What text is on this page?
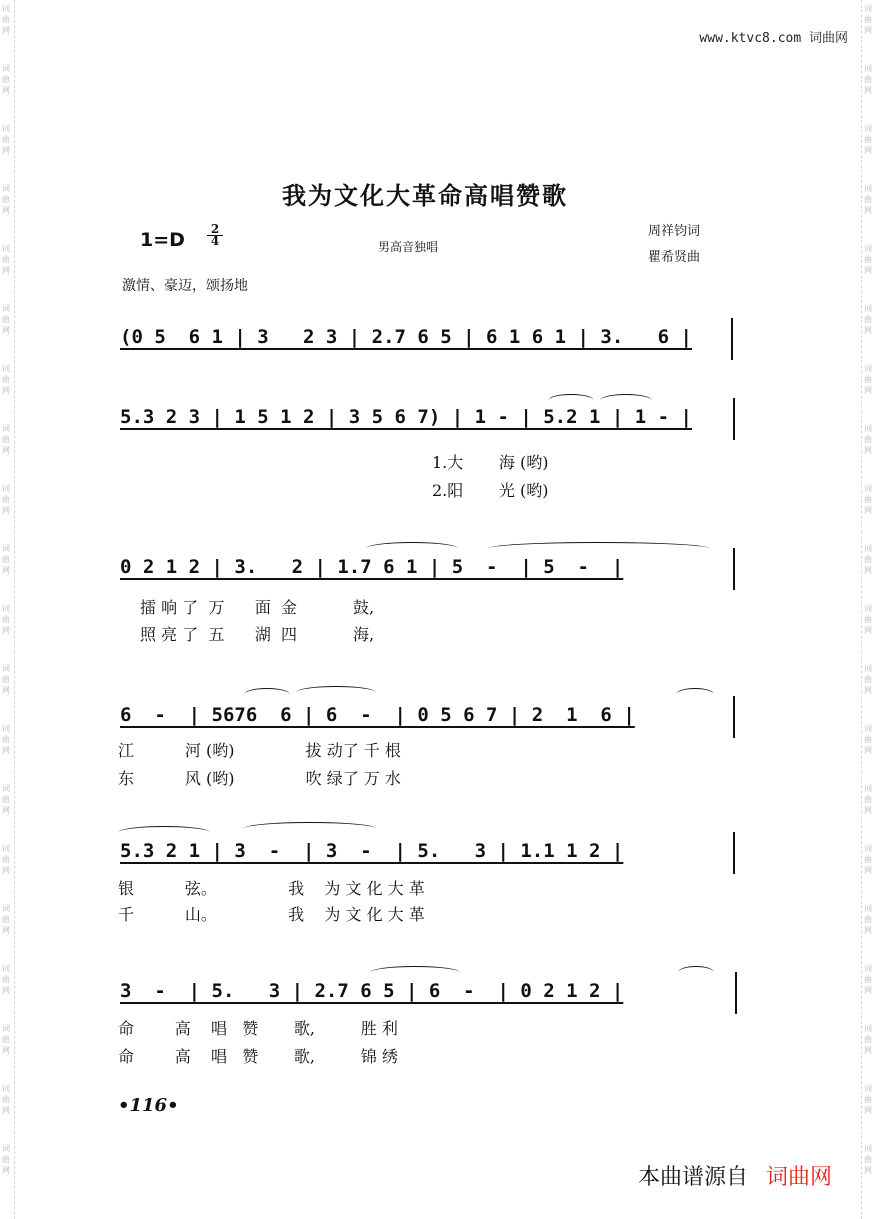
词
曲
网
词
曲
网
词
曲
网
词
曲
网
词
曲
网
词
曲
网
词
曲
网
词
曲
网
词
曲
网
词
曲
网
词
曲
网
词
曲
网
词
曲
网
词
曲
网
词
曲
网
词
曲
网
词
曲
网
词
曲
网
词
曲
网
词
曲
网
词
曲
网
词
曲
网
词
曲
网
词
曲
网
词
曲
网
词
曲
网
词
曲
网
词
曲
网
词
曲
网
词
曲
网
词
曲
网
词
曲
网
词
曲
网
词
曲
网
词
曲
网
词
曲
网
词
曲
网
词
曲
网
词
曲
网
词
曲
网
www.ktvc8.com 词曲网
我为文化大革命高唱赞歌
$1=D \frac{2}{4}$	男高音独唱
周祥钧词
瞿希贤曲
激情、豪迈，颂扬地
(0 5  6 1 | 3   2 3 | 2.7 6 5 | 6 1 6 1 | 3.   6 |
5.3 2 3 | 1 5 1 2 | 3 5 6 7) | 1 - | 5.2 1 | 1 - |
1.大       海 (哟)
2.阳       光 (哟)
0 2 1 2 | 3.   2 | 1.7 6 1 | 5  -  | 5  -  |
擂 响 了  万      面  金           鼓,
照 亮 了  五      湖  四           海,
6  -  | 5676  6 | 6  -  | 0 5 6 7 | 2  1  6 |
江          河 (哟)              拔 动了 千 根
东          风 (哟)              吹 绿了 万 水
5.3 2 1 | 3  -  | 3  -  | 5.   3 | 1.1 1 2 |
银          弦。              我    为 文 化 大 革
千          山。              我    为 文 化 大 革
3  -  | 5.   3 | 2.7 6 5 | 6  -  | 0 2 1 2 |
命        高    唱   赞       歌,         胜 利
命        高    唱   赞       歌,         锦 绣
•116•
本曲谱源自 词曲网
